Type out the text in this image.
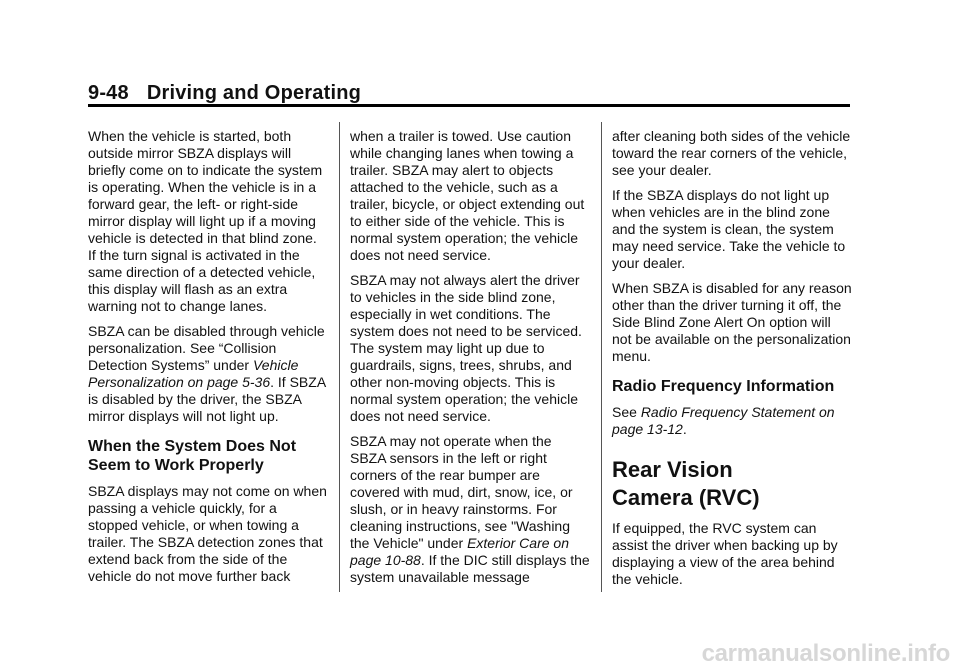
9-48 Driving and Operating

When the vehicle is started, both outside mirror SBZA displays will briefly come on to indicate the system is operating. When the vehicle is in a forward gear, the left- or right-side mirror display will light up if a moving vehicle is detected in that blind zone. If the turn signal is activated in the same direction of a detected vehicle, this display will flash as an extra warning not to change lanes.

SBZA can be disabled through vehicle personalization. See “Collision Detection Systems” under Vehicle Personalization on page 5-36. If SBZA is disabled by the driver, the SBZA mirror displays will not light up.

When the System Does Not Seem to Work Properly

SBZA displays may not come on when passing a vehicle quickly, for a stopped vehicle, or when towing a trailer. The SBZA detection zones that extend back from the side of the vehicle do not move further back

when a trailer is towed. Use caution while changing lanes when towing a trailer. SBZA may alert to objects attached to the vehicle, such as a trailer, bicycle, or object extending out to either side of the vehicle. This is normal system operation; the vehicle does not need service.

SBZA may not always alert the driver to vehicles in the side blind zone, especially in wet conditions. The system does not need to be serviced. The system may light up due to guardrails, signs, trees, shrubs, and other non-moving objects. This is normal system operation; the vehicle does not need service.

SBZA may not operate when the SBZA sensors in the left or right corners of the rear bumper are covered with mud, dirt, snow, ice, or slush, or in heavy rainstorms. For cleaning instructions, see "Washing the Vehicle" under Exterior Care on page 10-88. If the DIC still displays the system unavailable message

after cleaning both sides of the vehicle toward the rear corners of the vehicle, see your dealer.

If the SBZA displays do not light up when vehicles are in the blind zone and the system is clean, the system may need service. Take the vehicle to your dealer.

When SBZA is disabled for any reason other than the driver turning it off, the Side Blind Zone Alert On option will not be available on the personalization menu.

Radio Frequency Information

See Radio Frequency Statement on page 13-12.

Rear Vision
Camera (RVC)

If equipped, the RVC system can assist the driver when backing up by displaying a view of the area behind the vehicle.

carmanualsonline.info
